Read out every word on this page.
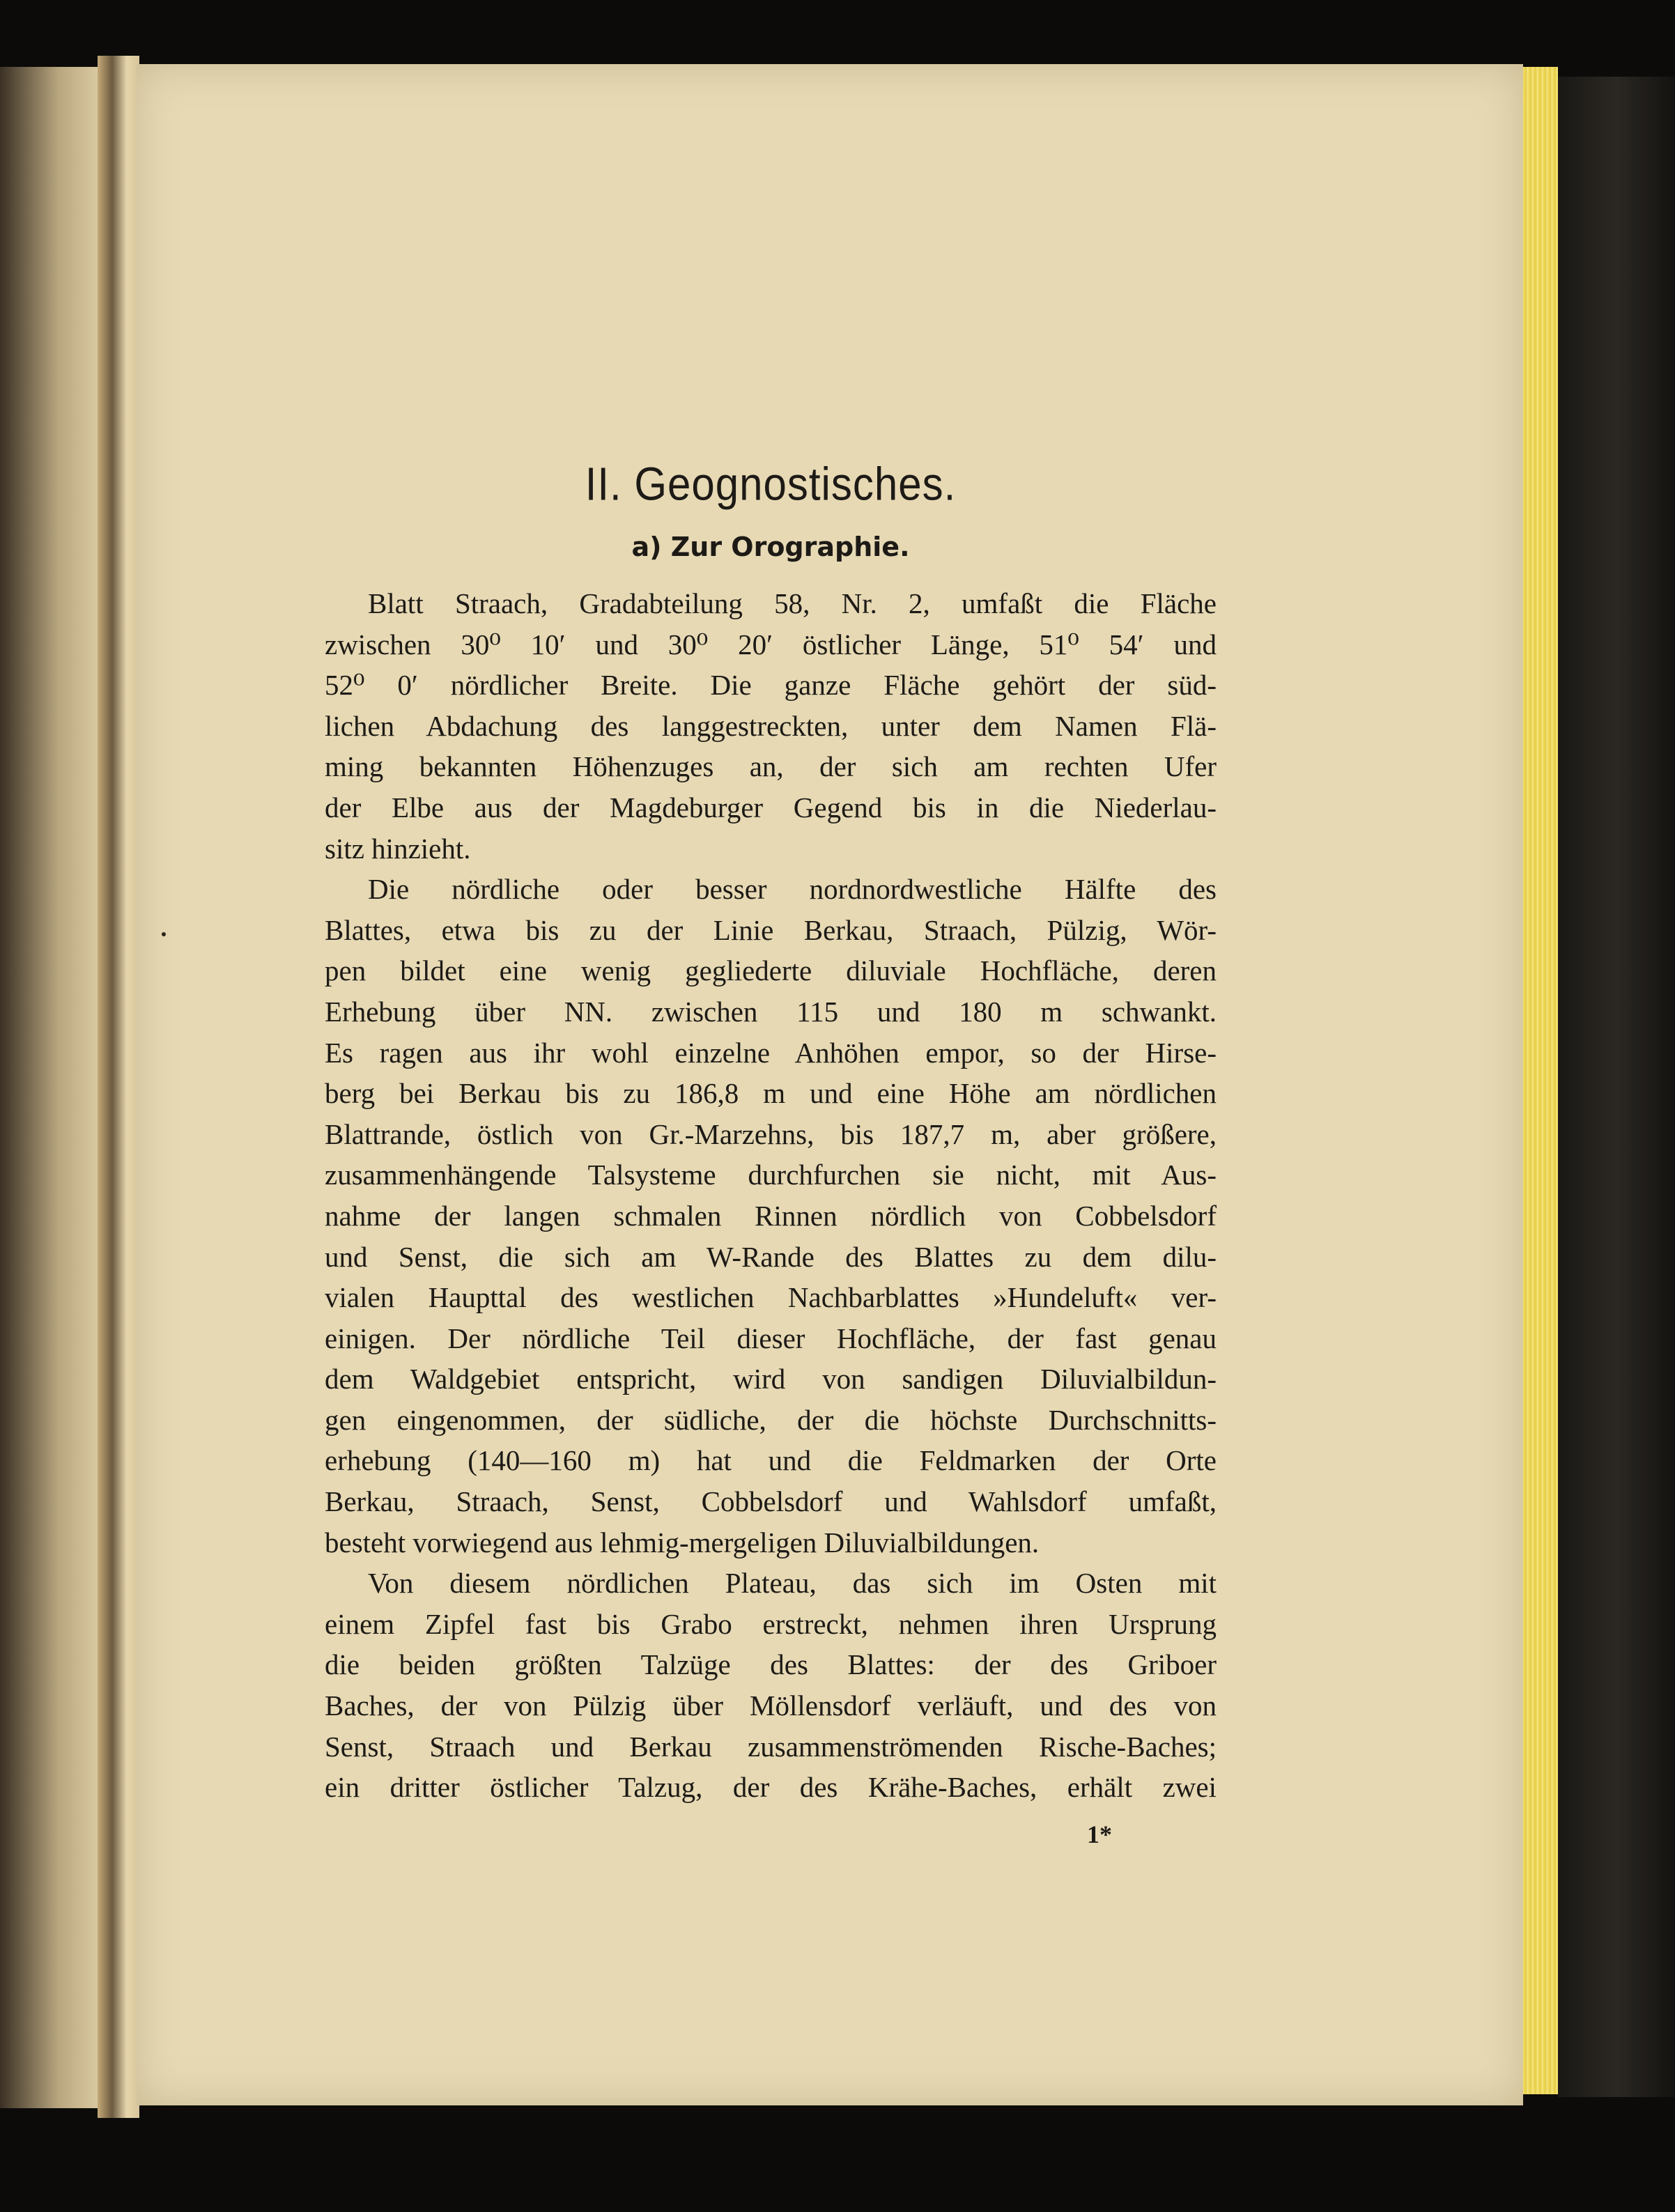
II. Geognostisches.
a) Zur Orographie.

Blatt Straach, Gradabteilung 58, Nr. 2, umfaßt die Fläche
zwischen 30⁰ 10′ und 30⁰ 20′ östlicher Länge, 51⁰ 54′ und
52⁰ 0′ nördlicher Breite. Die ganze Fläche gehört der süd-
lichen Abdachung des langgestreckten, unter dem Namen Flä-
ming bekannten Höhenzuges an, der sich am rechten Ufer
der Elbe aus der Magdeburger Gegend bis in die Niederlau-
sitz hinzieht.

Die nördliche oder besser nordnordwestliche Hälfte des
Blattes, etwa bis zu der Linie Berkau, Straach, Pülzig, Wör-
pen bildet eine wenig gegliederte diluviale Hochfläche, deren
Erhebung über NN. zwischen 115 und 180 m schwankt.
Es ragen aus ihr wohl einzelne Anhöhen empor, so der Hirse-
berg bei Berkau bis zu 186,8 m und eine Höhe am nördlichen
Blattrande, östlich von Gr.-Marzehns, bis 187,7 m, aber größere,
zusammenhängende Talsysteme durchfurchen sie nicht, mit Aus-
nahme der langen schmalen Rinnen nördlich von Cobbelsdorf
und Senst, die sich am W-Rande des Blattes zu dem dilu-
vialen Haupttal des westlichen Nachbarblattes »Hundeluft« ver-
einigen. Der nördliche Teil dieser Hochfläche, der fast genau
dem Waldgebiet entspricht, wird von sandigen Diluvialbildun-
gen eingenommen, der südliche, der die höchste Durchschnitts-
erhebung (140—160 m) hat und die Feldmarken der Orte
Berkau, Straach, Senst, Cobbelsdorf und Wahlsdorf umfaßt,
besteht vorwiegend aus lehmig-mergeligen Diluvialbildungen.

Von diesem nördlichen Plateau, das sich im Osten mit
einem Zipfel fast bis Grabo erstreckt, nehmen ihren Ursprung
die beiden größten Talzüge des Blattes: der des Griboer
Baches, der von Pülzig über Möllensdorf verläuft, und des von
Senst, Straach und Berkau zusammenströmenden Rische-Baches;
ein dritter östlicher Talzug, der des Krähe-Baches, erhält zwei

1*
